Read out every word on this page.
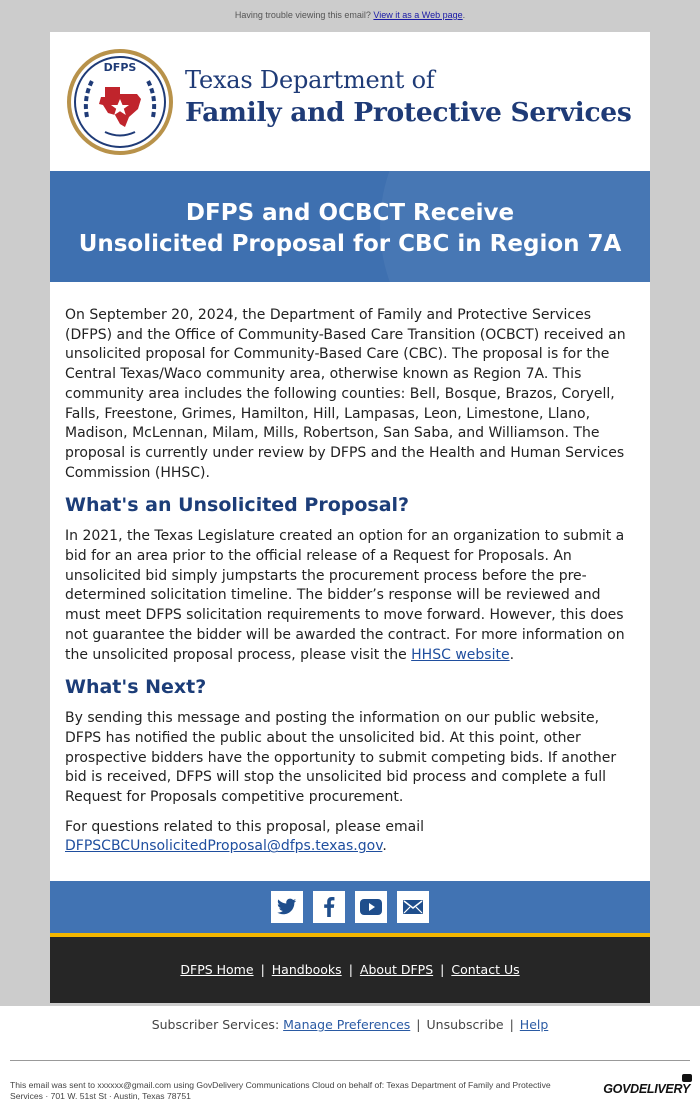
Having trouble viewing this email? View it as a Web page.
DFPS Texas Department of
Family and Protective Services
DFPS and OCBCT Receive
Unsolicited Proposal for CBC in Region 7A

On September 20, 2024, the Department of Family and Protective Services (DFPS) and the Office of Community-Based Care Transition (OCBCT) received an unsolicited proposal for Community-Based Care (CBC). The proposal is for the Central Texas/Waco community area, otherwise known as Region 7A. This community area includes the following counties: Bell, Bosque, Brazos, Coryell, Falls, Freestone, Grimes, Hamilton, Hill, Lampasas, Leon, Limestone, Llano, Madison, McLennan, Milam, Mills, Robertson, San Saba, and Williamson. The proposal is currently under review by DFPS and the Health and Human Services Commission (HHSC).

What's an Unsolicited Proposal?

In 2021, the Texas Legislature created an option for an organization to submit a bid for an area prior to the official release of a Request for Proposals. An unsolicited bid simply jumpstarts the procurement process before the pre-determined solicitation timeline. The bidder’s response will be reviewed and must meet DFPS solicitation requirements to move forward. However, this does not guarantee the bidder will be awarded the contract. For more information on the unsolicited proposal process, please visit the HHSC website.

What's Next?

By sending this message and posting the information on our public website, DFPS has notified the public about the unsolicited bid. At this point, other prospective bidders have the opportunity to submit competing bids. If another bid is received, DFPS will stop the unsolicited bid process and complete a full Request for Proposals competitive procurement.

For questions related to this proposal, please email
DFPSCBCUnsolicitedProposal@dfps.texas.gov.

DFPS Home | Handbooks | About DFPS | Contact Us
Subscriber Services: Manage Preferences | Unsubscribe | Help
This email was sent to xxxxxx@gmail.com using GovDelivery Communications Cloud on behalf of: Texas Department of Family and Protective Services · 701 W. 51st St · Austin, Texas 78751	GOVDELIVERY
